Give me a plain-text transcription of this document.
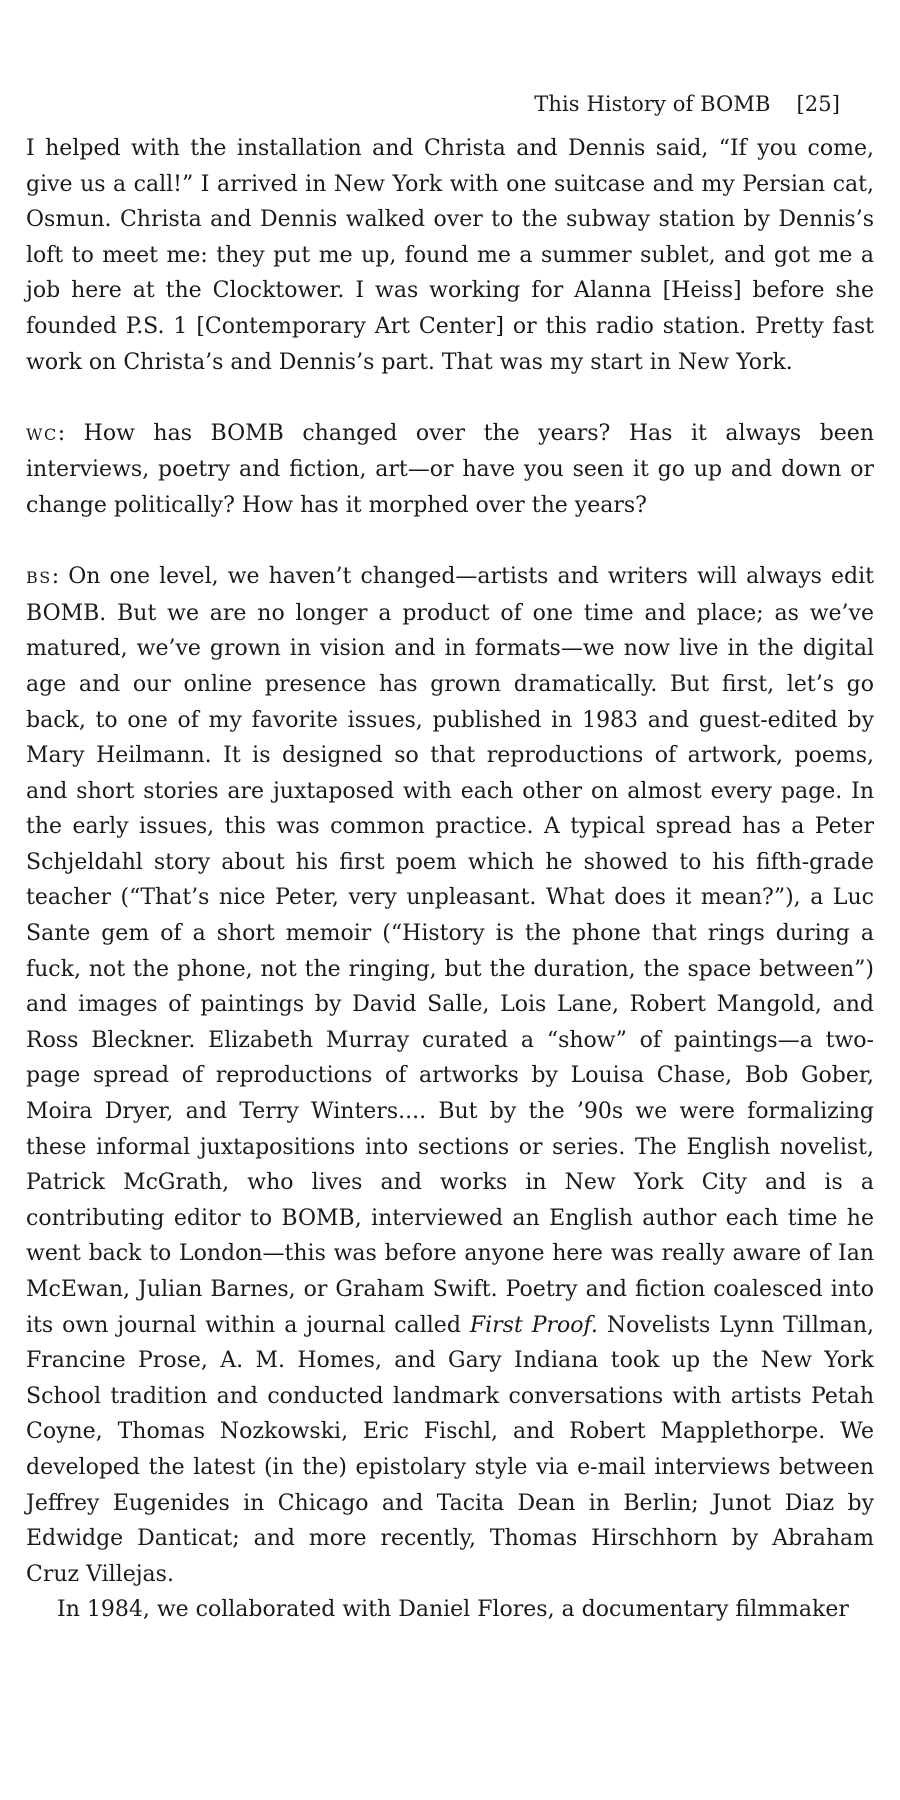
This History of BOMB [25]

I helped with the installation and Christa and Dennis said, “If you come, give us a call!” I arrived in New York with one suitcase and my Persian cat, Osmun. Christa and Dennis walked over to the subway station by Dennis’s loft to meet me: they put me up, found me a summer sublet, and got me a job here at the Clocktower. I was working for Alanna [Heiss] before she founded P.S. 1 [Contemporary Art Center] or this radio station. Pretty fast work on Christa’s and Dennis’s part. That was my start in New York.

WC: How has BOMB changed over the years? Has it always been interviews, poetry and fiction, art—or have you seen it go up and down or change politically? How has it morphed over the years?

BS: On one level, we haven’t changed—artists and writers will always edit BOMB. But we are no longer a product of one time and place; as we’ve matured, we’ve grown in vision and in formats—we now live in the digital age and our online presence has grown dramatically. But first, let’s go back, to one of my favorite issues, published in 1983 and guest-edited by Mary Heilmann. It is designed so that reproductions of artwork, poems, and short stories are juxtaposed with each other on almost every page. In the early issues, this was common practice. A typical spread has a Peter Schjeldahl story about his first poem which he showed to his fifth-grade teacher (“That’s nice Peter, very unpleasant. What does it mean?”), a Luc Sante gem of a short memoir (“History is the phone that rings during a fuck, not the phone, not the ringing, but the duration, the space between”) and images of paintings by David Salle, Lois Lane, Robert Mangold, and Ross Bleckner. Elizabeth Murray curated a “show” of paintings—a two-page spread of reproductions of artworks by Louisa Chase, Bob Gober, Moira Dryer, and Terry Winters.... But by the ’90s we were formalizing these informal juxtapositions into sections or series. The English novelist, Patrick McGrath, who lives and works in New York City and is a contributing editor to BOMB, interviewed an English author each time he went back to London—this was before anyone here was really aware of Ian McEwan, Julian Barnes, or Graham Swift. Poetry and fiction coalesced into its own journal within a journal called First Proof. Novelists Lynn Tillman, Francine Prose, A. M. Homes, and Gary Indiana took up the New York School tradition and conducted landmark conversations with artists Petah Coyne, Thomas Nozkowski, Eric Fischl, and Robert Mapplethorpe. We developed the latest (in the) epistolary style via e-mail interviews between Jeffrey Eugenides in Chicago and Tacita Dean in Berlin; Junot Diaz by Edwidge Danticat; and more recently, Thomas Hirschhorn by Abraham Cruz Villejas.

In 1984, we collaborated with Daniel Flores, a documentary filmmaker
